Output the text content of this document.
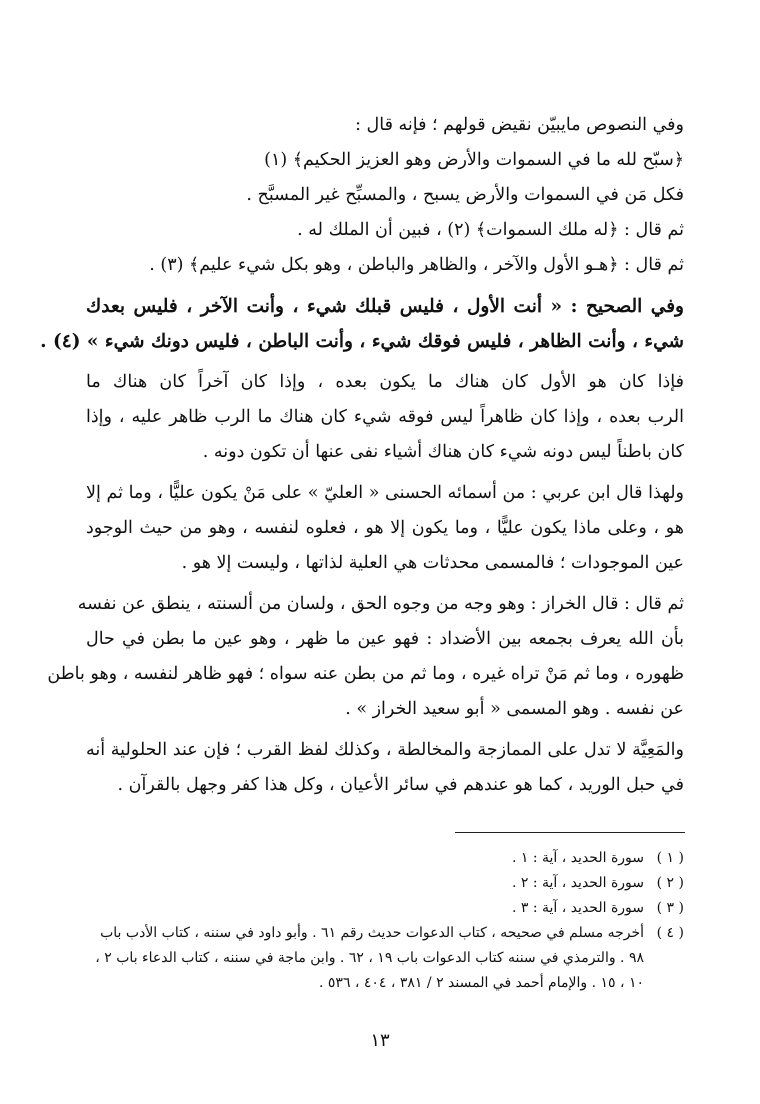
وفي النصوص مايبيّن نقيض قولهم ؛ فإنه قال :
﴿سبّح لله ما في السموات والأرض وهو العزيز الحكيم﴾ (١)
فكل مَن في السموات والأرض يسبح ، والمسبِّح غير المسبَّح .
ثم قال : ﴿له ملك السموات﴾ (٢) ، فبين أن الملك له .
ثم قال : ﴿هـو الأول والآخر ، والظاهر والباطن ، وهو بكل شيء عليم﴾ (٣) .
وفي الصحيح : « أنت الأول ، فليس قبلك شيء ، وأنت الآخر ، فليس بعدك
شيء ، وأنت الظاهر ، فليس فوقك شيء ، وأنت الباطن ، فليس دونك شيء » (٤) .
فإذا كان هو الأول كان هناك ما يكون بعده ، وإذا كان آخراً كان هناك ما
الرب بعده ، وإذا كان ظاهراً ليس فوقه شيء كان هناك ما الرب ظاهر عليه ، وإذا
كان باطناً ليس دونه شيء كان هناك أشياء نفى عنها أن تكون دونه .
ولهذا قال ابن عربي : من أسمائه الحسنى « العليّ » على مَنْ يكون عليًّا ، وما ثم إلا
هو ، وعلى ماذا يكون عليًّا ، وما يكون إلا هو ، فعلوه لنفسه ، وهو من حيث الوجود
عين الموجودات ؛ فالمسمى محدثات هي العلية لذاتها ، وليست إلا هو .
ثم قال : قال الخراز : وهو وجه من وجوه الحق ، ولسان من ألسنته ، ينطق عن نفسه
بأن الله يعرف بجمعه بين الأضداد : فهو عين ما ظهر ، وهو عين ما بطن في حال
ظهوره ، وما ثم مَنْ تراه غيره ، وما ثم من بطن عنه سواه ؛ فهو ظاهر لنفسه ، وهو باطن
عن نفسه . وهو المسمى « أبو سعيد الخراز » .
والمَعِيَّة لا تدل على الممازجة والمخالطة ، وكذلك لفظ القرب ؛ فإن عند الحلولية أنه
في حبل الوريد ، كما هو عندهم في سائر الأعيان ، وكل هذا كفر وجهل بالقرآن .
( ١ )
سورة الحديد ، آية : ١ .
( ٢ )
سورة الحديد ، آية : ٢ .
( ٣ )
سورة الحديد ، آية : ٣ .
( ٤ )
أخرجه مسلم في صحيحه ، كتاب الدعوات حديث رقم ٦١ . وأبو داود في سننه ، كتاب الأدب باب
٩٨ . والترمذي في سننه كتاب الدعوات باب ١٩ ، ٦٢ . وابن ماجة في سننه ، كتاب الدعاء باب ٢ ،
١٠ ، ١٥ . والإمام أحمد في المسند ٢ / ٣٨١ ، ٤٠٤ ، ٥٣٦ .
١٣
